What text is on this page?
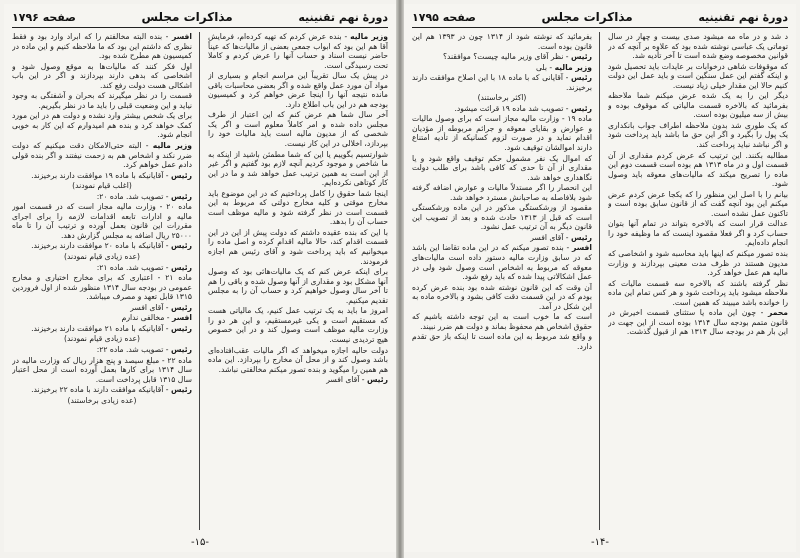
دورهٔ نهم تقنینیه
مذاکرات مجلس
صفحه ۱۷۹۶

وزیر مالیه - بنده عرض کردم که تهیه کرده‌ام، فرمایش آقا هم این بود که ابواب جمعی بعضی از مالیات‌ها که عیناً حاضر نیست اسناد و حساب آنها را عرض کردم و کاملا تحت رسیدگی است.

در پیش یک سال تقریباً این مراسم انجام و بسیاری از مواد آن مورد عمل واقع شده و اگر بعضی محاسبات باقی مانده نتیجه آنها را اینجا عرض خواهم کرد و کمیسیون بودجه هم در این باب اطلاع دارد.

آخر سال شما هم عرض کنم که این اعتبار از طرف مجلس داده شده و امر کاملاً معلوم است و اگر یک شخصی که از مدیون مالیه است باید مالیات خود را بپردازد، اخلالی در این کار نیست.

شوارتسیم بگوییم یا این که شما مطمئن باشید از اینکه به ما شاخص و موجود کردیم آنچه لازم بود گفتیم و اگر غیر از این است به همین ترتیب عمل خواهد شد و ما در این کار کوتاهی نکرده‌ایم.

اینجا شما حقوق را کامل پرداختیم که در این موضوع باید مخارج موقتی و کلیه مخارج دولتی که مربوط به این قسمت است در نظر گرفته شود و مالیه موظف است حساب آن را بدهد.

با این که بنده عقیده داشتم که دولت پیش از این در این قسمت اقدام کند، حالا مالیه اقدام کرده و اصل ماده را میخوانیم که باید پرداخت شود و آقای رئیس هم اجازه فرمودند.

برای اینکه عرض کنم که یک مالیات‌هائی بود که وصول آنها مشکل بود و مقداری از آنها وصول شده و باقی را هم تا آخر سال وصول خواهیم کرد و حساب آن را به مجلس تقدیم میکنیم.

امروز ما باید به یک ترتیب عمل کنیم، یک مالیاتی هست که مستقیم است و یکی غیرمستقیم، و این هر دو را وزارت مالیه موظف است وصول کند و در این خصوص هیچ تردیدی نیست.

دولت حالیه اجازه میخواهد که اگر مالیات عقب‌افتاده‌ای باشد وصول کند و از محل آن مخارج را بپردازد. این ماده هم همین را میگوید و بنده تصور میکنم مخالفتی نباشد.

رئیس - آقای افسر

افسر - بنده البته مخالفتم را که ابراد وارد بود و فقط نظری که داشتم این بود که ما ملاحظه کنیم و این ماده در کمیسیون هم مطرح شده بود.

اول فکر کنند که مالیات‌ها به موقع وصول شود و اشخاصی که بدهی دارند بپردازند و اگر در این باب اشکالی هست دولت رفع کند.

قسمت را در نظر میگیرند که بحران و آشفتگی به وجود نیاید و این وضعیت قبلی را باید ما در نظر بگیریم.

برای یک شخص بیشتر وارد نشده و دولت هم در این مورد کمک خواهد کرد و بنده هم امیدوارم که این کار به خوبی انجام شود.

وزیر مالیه - البته حتی‌الامکان دقت میکنیم که دولت ضرر نکند و اشخاص هم به زحمت نیفتند و اگر بنده قولی دادم عمل خواهم کرد.

رئیس - آقایانیکه با ماده ۱۹ موافقت دارند برخیزند.

(اغلب قیام نمودند)

رئیس - تصویب شد. ماده ۲۰:

ماده ۲۰ - وزارت مالیه مجاز است که در قسمت امور مالیه و ادارات تابعه اقدامات لازمه را برای اجرای مقررات این قانون بعمل آورده و ترتیب آن را تا ماه ۲۵۰۰۰ ریال اضافه به مجلس گزارش دهد.

رئیس - آقایانیکه با ماده ۲۰ موافقت دارند برخیزند.

(عده زیادی قیام نمودند)

رئیس - تصویب شد. ماده ۲۱:

ماده ۲۱ - اعتباری که برای مخارج اختیاری و مخارج عمومی در بودجه سال ۱۳۱۴ منظور شده از اول فروردین ۱۳۱۵ قابل تعهد و مصرف میباشد.

رئیس - آقای افسر

افسر - مخالفی ندارم

رئیس - آقایانیکه با ماده ۲۱ موافقت دارند برخیزند.

(عده زیادی قیام نمودند)

رئیس - تصویب شد. ماده ۲۲:

ماده ۲۲ - مبلغ سیصد و پنج هزار ریال که وزارت مالیه در سال ۱۳۱۴ برای کارها بعمل آورده است از محل اعتبار سال ۱۳۱۵ قابل پرداخت است.

رئیس - آقایانیکه موافقت دارند با ماده ۲۲ برخیزند.

(عده زیادی برخاستند)

-۱۵-
دورهٔ نهم تقنینیه
مذاکرات مجلس
صفحه ۱۷۹۵

د شد و در ماه مه میشود صدی بیست و چهار در سال توماتی یک عباسی نوشته شده بود که علاوه بر آنچه که در قوانین مخصوصه وضع شده است تا آخر تأدیه شد.

که موقوفات شاهی درخوابات بر عایدات باید تحصیل شود و اینکه گفتم این عمل سنگین است و باید عمل این دولت کنیم حالا این مقدار خیلی زیاد نیست.

دیگر این را به یک شده عرض میکنم شما ملاحظه بفرمائید که بالاخره قسمت مالیاتی که موقوف بوده و بیش از سه میلیون بوده است.

که یک طوری شد بدون ملاحظه اطراف جواب بانکداری یک پول را بگیرد و اگر این حق ما باشد باید پرداخت شود و اگر نباشد نباید پرداخت کند.

مطالبه بکنند. این ترتیب که عرض کردم مقداری از آن قسمت اول و در ماه ۱۳۱۳ هم بوده است قسمت دوم این ماده را تصریح میکند که مالیات‌های معوقه باید وصول شود.

بیانم را با اصل این منظور را که یکجا عرض کردم عرض میکنم این بود آنچه گفت که از قانون سابق بوده است و تاکنون عمل نشده است.

عدالت قرار است که بالاخره بتواند در تمام آنها بتوان حساب کرد و اگر فعلا مقصود اینست که ما وظیفه خود را انجام داده‌ایم.

بنده تصور میکنم که اینها باید محاسبه شود و اشخاصی که مدیون هستند در ظرف مدت معینی بپردازند و وزارت مالیه هم عمل خواهد کرد.

نظر گرفته باشند که بالاخره سه قسمت مالیات که ملاحظه میشود باید پرداخت شود و هر کس تمام این ماده را خوانده باشد میبیند که همین است.

محمر - چون این ماده یا ستثنای قسمت اخیرش در قانون متمم بودجه سال ۱۳۱۴ بوده است از این جهت در این بار هم در بودجه سال ۱۳۱۴ هم از قبول گذشت.

بفرمائید که نوشته شود از ۱۳۱۴ چون در ۱۳۹۳ هم این قانون بوده است.

رئیس - نظر آقای وزیر مالیه چیست؟ موافقند؟

وزیر مالیه - بلی

رئیس - آقایانی که با ماده ۱۸ با این اصلاح موافقت دارند برخیزند.

(اکثر برخاستند)

رئیس - تصویب شد ماده ۱۹ قرائت میشود.

ماده ۱۹ - وزارت مالیه مجاز است که برای وصول مالیات و عوارض و بقایای معوقه و جرائم مربوطه از مؤدیان اقدام نماید و در صورت لزوم کسانیکه از تأدیه امتناع دارند اموالشان توقیف شود.

که اموال یک نفر مشمول حکم توقیف واقع شود و یا مقداری از آن تا حدی که کافی باشد برای طلب دولت نگاهداری خواهد شد.

این انحصار را اگر مستدلاً مالیات و عوارض اضافه گرفته شود بلافاصله به صاحبانش مسترد خواهد شد.

مقصود از ورشکستگی مذکور در این ماده ورشکستگی است که قبل از ۱۳۱۳ حادث شده و بعد از تصویب این قانون دیگر به آن ترتیب عمل نشود.

رئیس - آقای افسر

افسر - بنده تصور میکنم که در این ماده تقاضا این باشد که در سابق وزارت مالیه دستور داده است مالیات‌های معوقه که مربوط به اشخاص است وصول شود ولی در عمل اشکالاتی پیدا شده که باید رفع شود.

آن وقت که این قانون نوشته شده بود بنده عرض کرده بودم که در این قسمت دقت کافی بشود و بالاخره ماده به این شکل در آمد.

است که ما خوب است به این توجه داشته باشیم که حقوق اشخاص هم محفوظ بماند و دولت هم ضرر نبیند.

و واقع شد مربوط به این ماده است تا اینکه باز حق تقدم دارد.

-۱۴-
